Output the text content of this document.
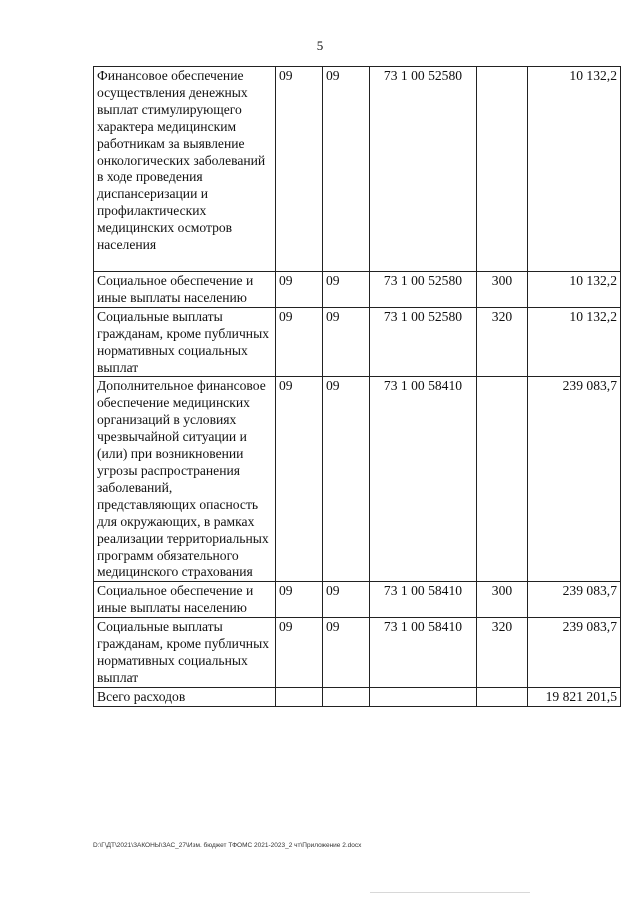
5
Финансовое обеспечение осуществления денежных выплат стимулирующего характера медицинским работникам за выявление онкологических заболеваний в ходе проведения диспансеризации и профилактических медицинских осмотров населения	09	09	73 1 00 52580		10 132,2
Социальное обеспечение и иные выплаты населению	09	09	73 1 00 52580	300	10 132,2
Социальные выплаты гражданам, кроме публичных нормативных социальных выплат	09	09	73 1 00 52580	320	10 132,2
Дополнительное финансовое обеспечение медицинских организаций в условиях чрезвычайной ситуации и (или) при возникновении угрозы распространения заболеваний, представляющих опасность для окружающих, в рамках реализации территориальных программ обязательного медицинского страхования	09	09	73 1 00 58410		239 083,7
Социальное обеспечение и иные выплаты населению	09	09	73 1 00 58410	300	239 083,7
Социальные выплаты гражданам, кроме публичных нормативных социальных выплат	09	09	73 1 00 58410	320	239 083,7
Всего расходов					19 821 201,5
D:\Г\ДТ\2021\ЗАКОНЫ\ЗАС_27\Изм. бюджет ТФОМС 2021-2023_2 чт\Приложение 2.docx
